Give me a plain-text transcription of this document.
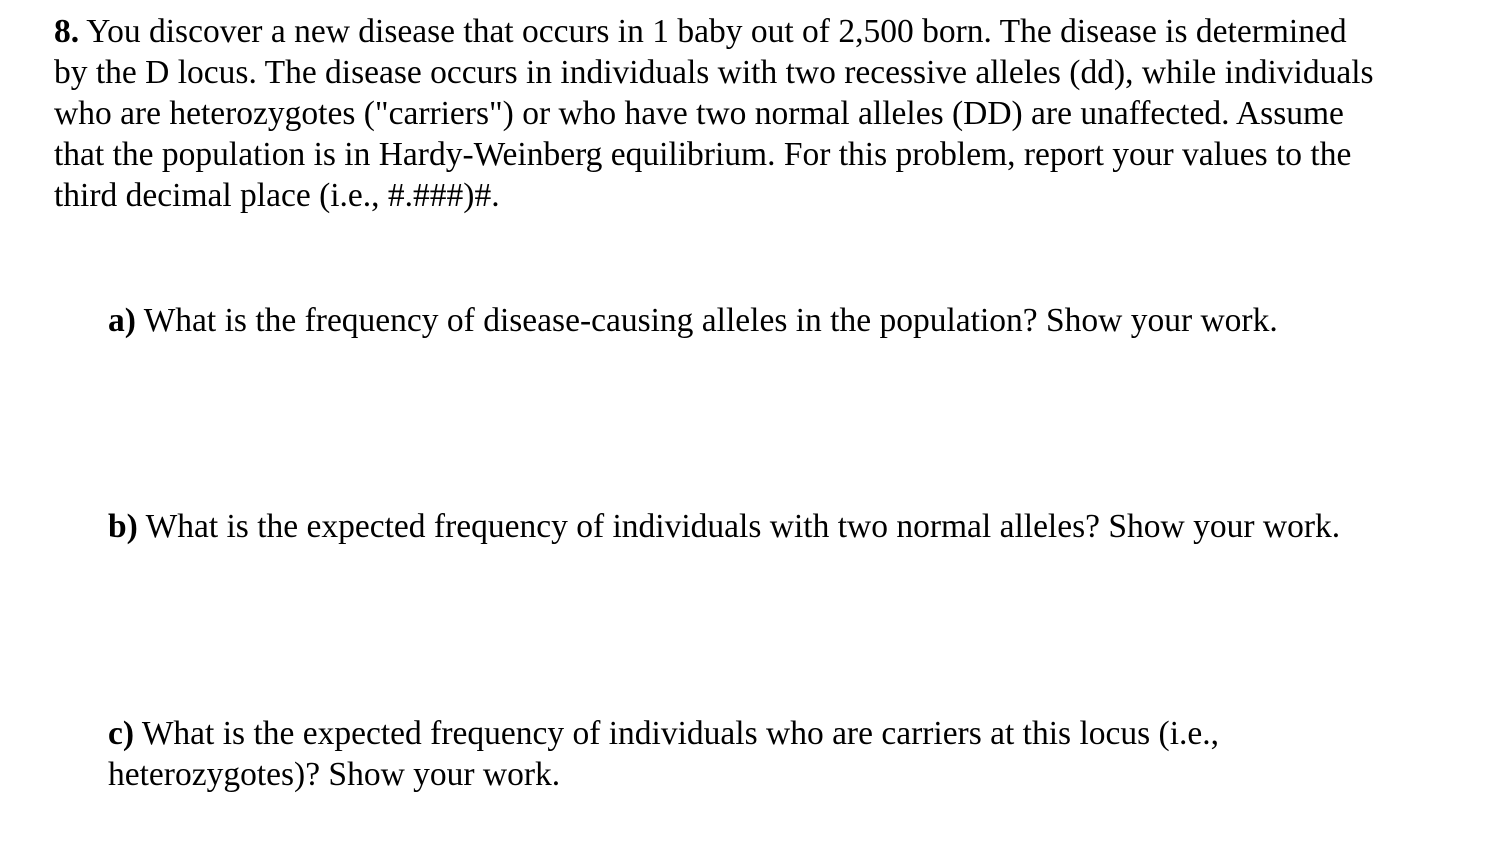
8. You discover a new disease that occurs in 1 baby out of 2,500 born. The disease is determined
by the D locus. The disease occurs in individuals with two recessive alleles (dd), while individuals
who are heterozygotes ("carriers") or who have two normal alleles (DD) are unaffected. Assume
that the population is in Hardy-Weinberg equilibrium. For this problem, report your values to the
third decimal place (i.e., #.###)#.
a) What is the frequency of disease-causing alleles in the population? Show your work.
b) What is the expected frequency of individuals with two normal alleles? Show your work.
c) What is the expected frequency of individuals who are carriers at this locus (i.e.,
heterozygotes)? Show your work.
